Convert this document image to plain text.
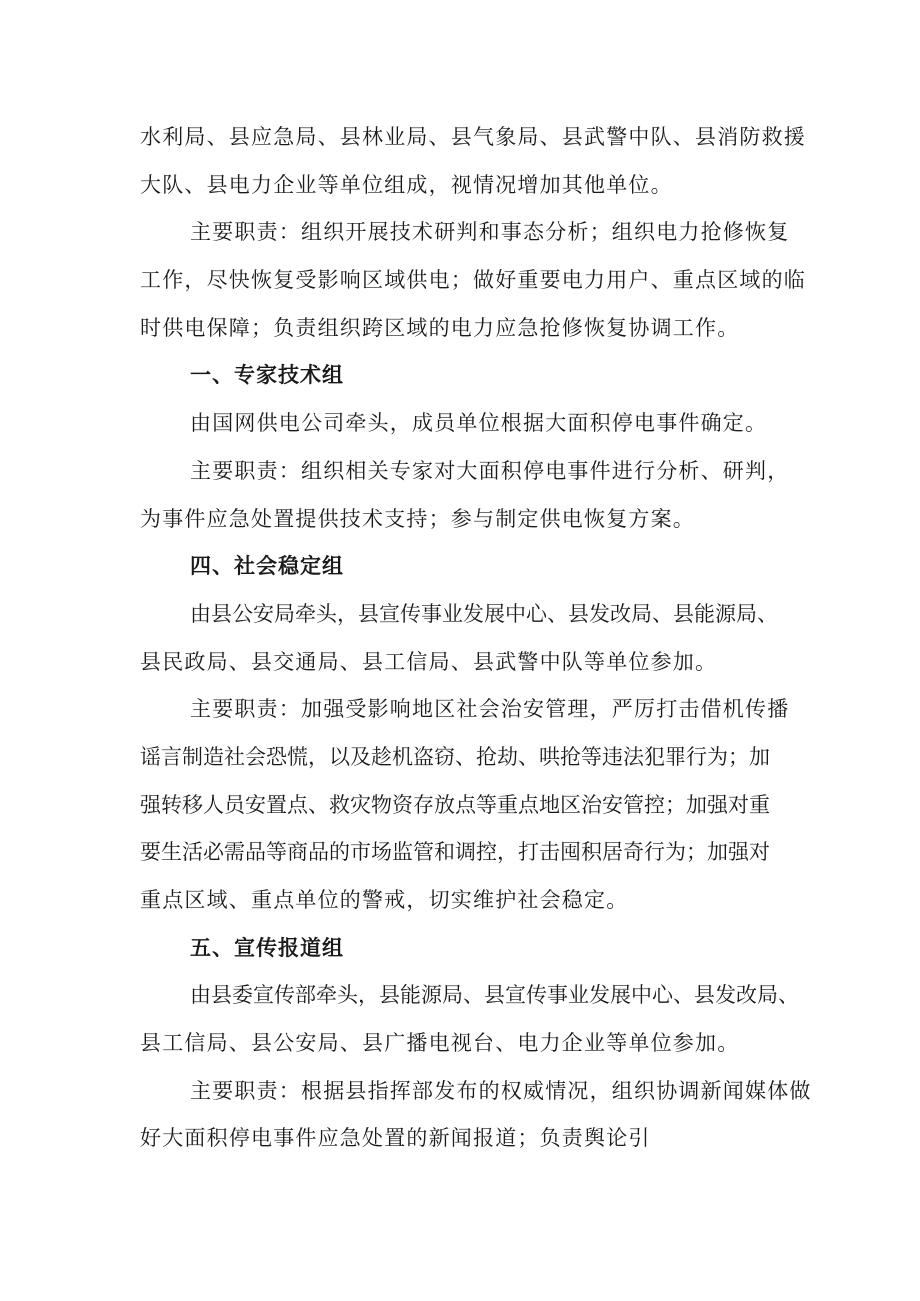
水利局、县应急局、县林业局、县气象局、县武警中队、县消防救援
大队、县电力企业等单位组成，视情况增加其他单位。
主要职责：组织开展技术研判和事态分析；组织电力抢修恢复
工作，尽快恢复受影响区域供电；做好重要电力用户、重点区域的临
时供电保障；负责组织跨区域的电力应急抢修恢复协调工作。
一、专家技术组
由国网供电公司牵头，成员单位根据大面积停电事件确定。
主要职责：组织相关专家对大面积停电事件进行分析、研判，
为事件应急处置提供技术支持；参与制定供电恢复方案。
四、社会稳定组
由县公安局牵头，县宣传事业发展中心、县发改局、县能源局、
县民政局、县交通局、县工信局、县武警中队等单位参加。
主要职责：加强受影响地区社会治安管理，严厉打击借机传播
谣言制造社会恐慌，以及趁机盗窃、抢劫、哄抢等违法犯罪行为；加
强转移人员安置点、救灾物资存放点等重点地区治安管控；加强对重
要生活必需品等商品的市场监管和调控，打击囤积居奇行为；加强对
重点区域、重点单位的警戒，切实维护社会稳定。
五、宣传报道组
由县委宣传部牵头，县能源局、县宣传事业发展中心、县发改局、
县工信局、县公安局、县广播电视台、电力企业等单位参加。
主要职责：根据县指挥部发布的权威情况，组织协调新闻媒体做
好大面积停电事件应急处置的新闻报道；负责舆论引
